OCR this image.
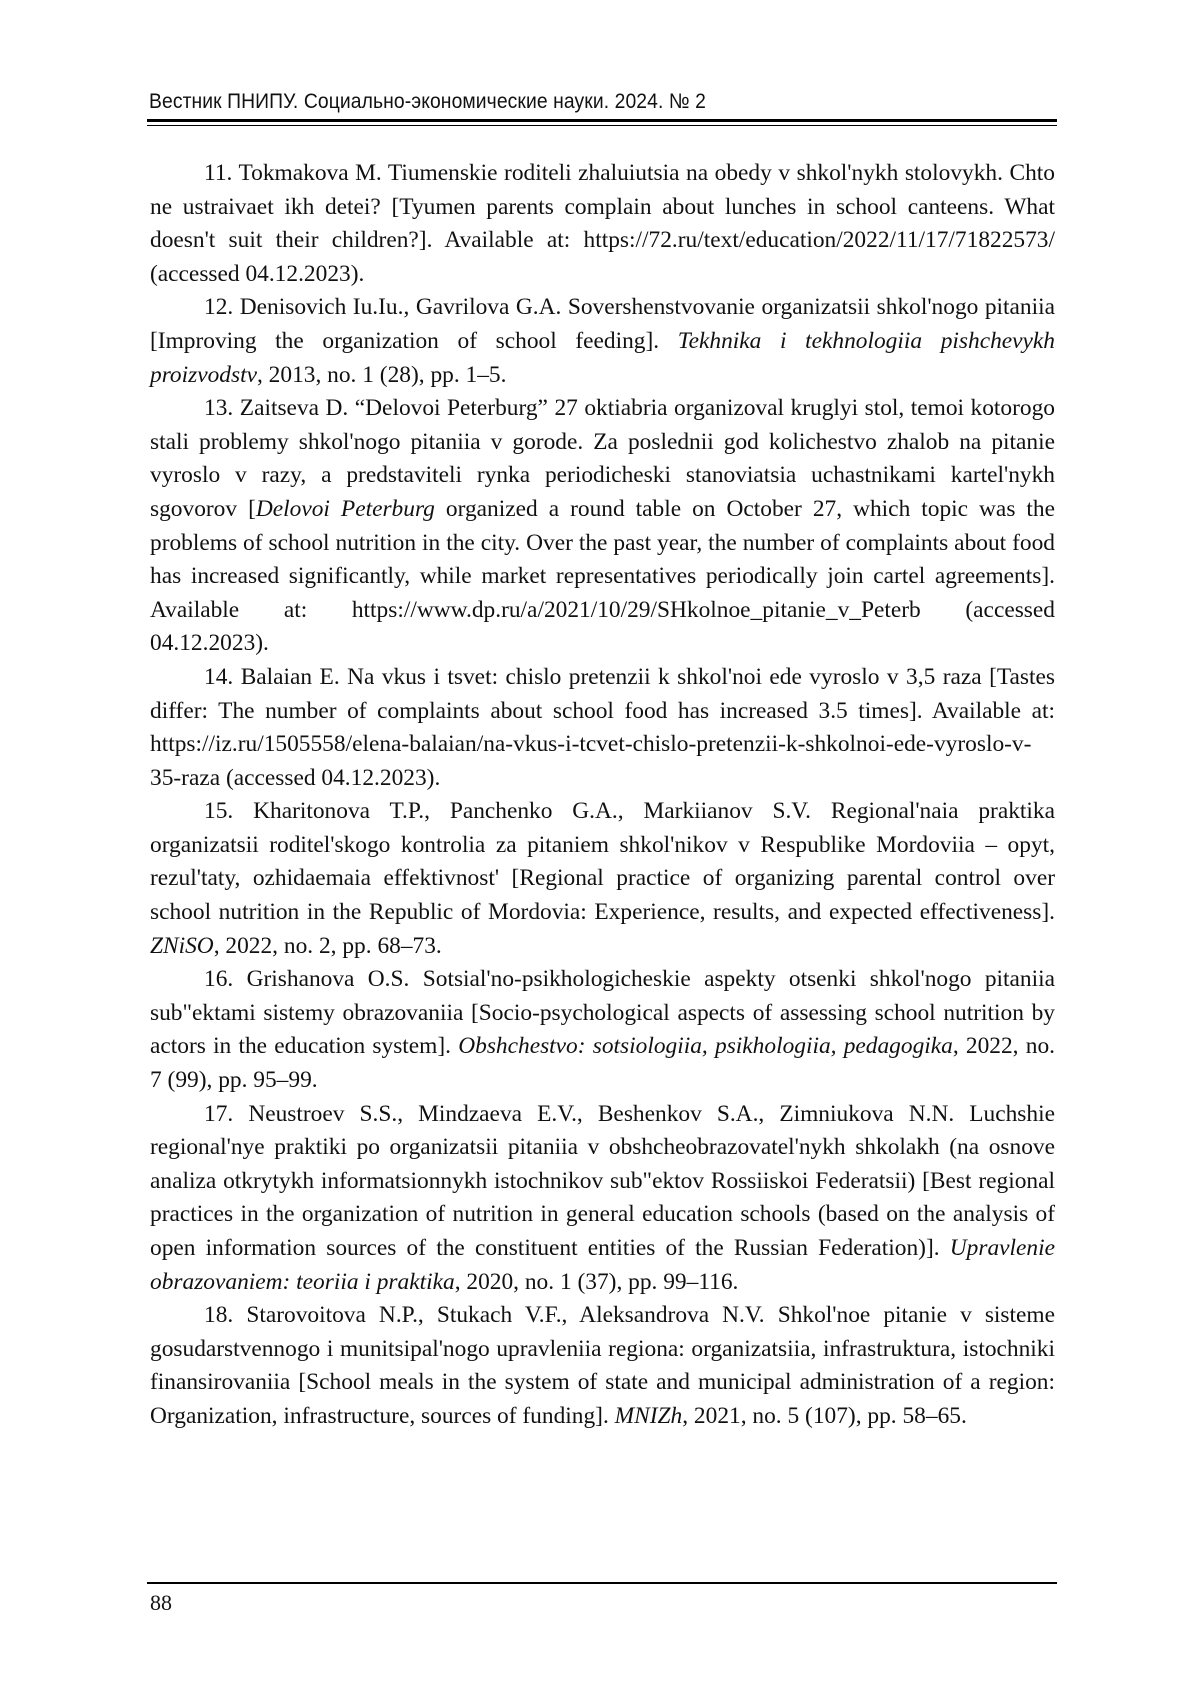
Вестник ПНИПУ. Социально-экономические науки. 2024. № 2

11. Tokmakova M. Tiumenskie roditeli zhaluiutsia na obedy v shkol'nykh stolovykh. Chto ne ustraivaet ikh detei? [Tyumen parents complain about lunches in school canteens. What doesn't suit their children?]. Available at: https://72.ru/​text/​education/​2022/​11/​17/​71822573/ (accessed 04.12.2023).

12. Denisovich Iu.Iu., Gavrilova G.A. Sovershenstvovanie organizatsii shkol'nogo pitaniia [Improving the organization of school feeding]. Tekhnika i tekhnologiia pishchevykh proizvodstv, 2013, no. 1 (28), pp. 1–5.

13. Zaitseva D. “Delovoi Peterburg” 27 oktiabria organizoval kruglyi stol, temoi kotorogo stali problemy shkol'nogo pitaniia v gorode. Za poslednii god kolichestvo zhalob na pitanie vyroslo v razy, a predstaviteli rynka periodicheski stanoviatsia uchastnikami kartel'nykh sgovorov [Delovoi Peterburg organized a round table on Oc­tober 27, which topic was the problems of school nutrition in the city. Over the past year, the number of complaints about food has increased significantly, while market rep­resentatives periodically join cartel agreements]. Available at: https://www.dp.ru/​a/​2021/​10/​29/​SHkolnoe_pitanie_v_Peterb (accessed 04.12.2023).

14. Balaian E. Na vkus i tsvet: chislo pretenzii k shkol'noi ede vyroslo v 3,5 raza [Tastes differ: The number of complaints about school food has increased 3.5 times]. Available at: https://iz.ru/1505558/elena-balaian/na-vkus-i-tcvet-chislo-​pretenzii-k-shkolnoi-ede-vyroslo-v-35-raza (accessed 04.12.2023).

15. Kharitonova T.P., Panchenko G.A., Markiianov S.V. Regional'naia praktika organizatsii roditel'skogo kontrolia za pitaniem shkol'nikov v Respublike Mordoviia – opyt, rezul'taty, ozhidaemaia effektivnost' [Regional practice of organ­izing parental control over school nutrition in the Republic of Mordovia: Experi­ence, results, and expected effectiveness]. ZNiSO, 2022, no. 2, pp. 68–73.

16. Grishanova O.S. Sotsial'no-psikhologicheskie aspekty otsenki shkol'nogo pitaniia sub"ektami sistemy obrazovaniia [Socio-psychological aspects of assessing school nutrition by actors in the education system]. Obshchestvo: sotsiologiia, psikhologiia, pedagogika, 2022, no. 7 (99), pp. 95–99.

17. Neustroev S.S., Mindzaeva E.V., Beshenkov S.A., Zimniukova N.N. Luchshie regional'nye praktiki po organizatsii pitaniia v obshcheobrazovatel'nykh shkolakh (na osnove analiza otkrytykh informatsionnykh istochnikov sub"ektov Rossiiskoi Federatsii) [Best regional practices in the organization of nutrition in general education schools (based on the analysis of open information sources of the constituent entities of the Russian Federation)]. Upravlenie obrazovaniem: teoriia i praktika, 2020, no. 1 (37), pp. 99–116.

18. Starovoitova N.P., Stukach V.F., Aleksandrova N.V. Shkol'noe pitanie v sisteme gosudarstvennogo i munitsipal'nogo upravleniia regiona: organizatsiia, infrastruktura, istochniki finansirovaniia [School meals in the system of state and municipal administration of a region: Organization, infrastructure, sources of fund­ing]. MNIZh, 2021, no. 5 (107), pp. 58–65.

88
